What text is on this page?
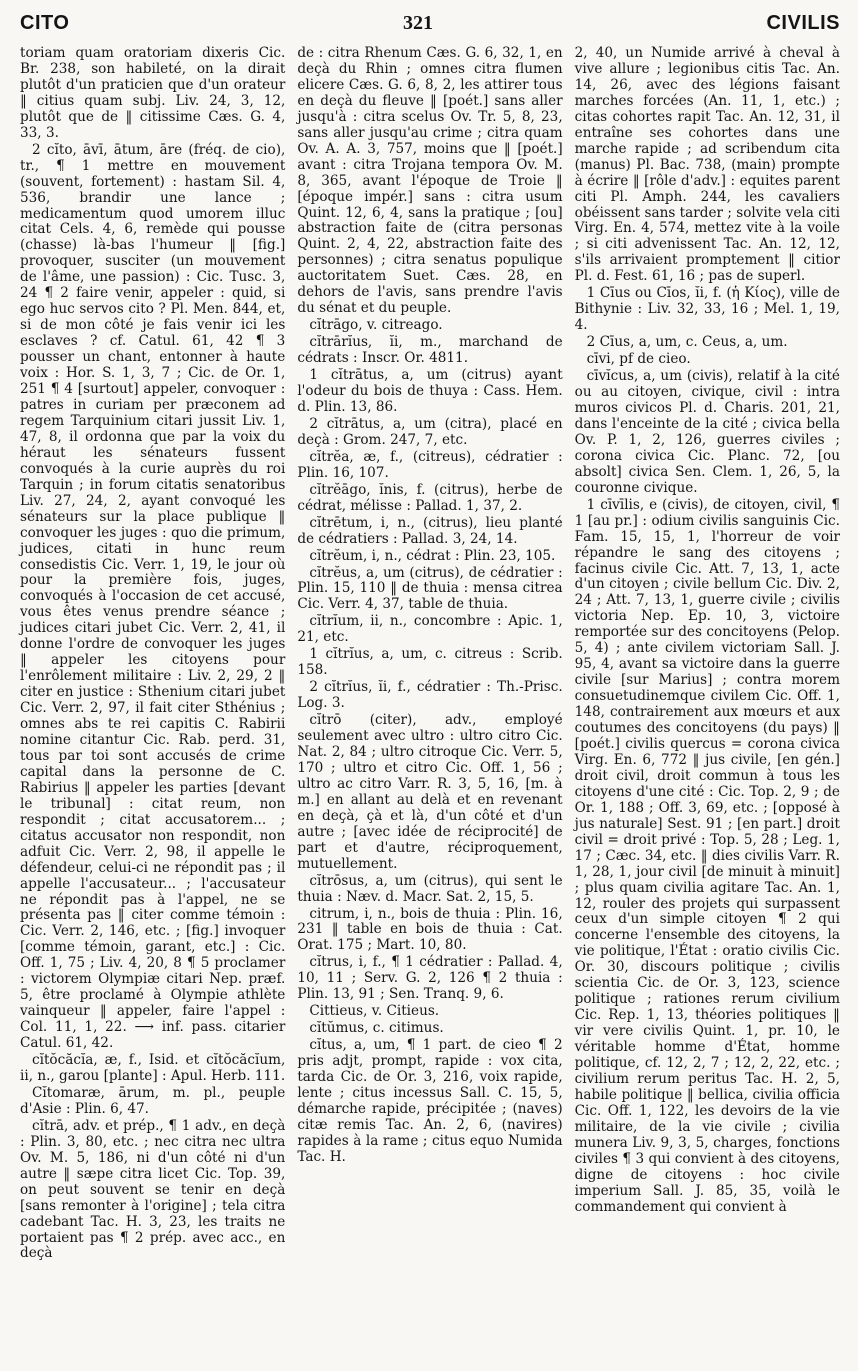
CITO	321	CIVILIS

toriam quam oratoriam dixeris Cic. Br. 238, son habileté, on la dirait plutôt d'un praticien que d'un orateur ‖ citius quam subj. Liv. 24, 3, 12, plutôt que de ‖ citissime Cæs. G. 4, 33, 3.

2 cĭto, āvī, ātum, āre (fréq. de cio), tr., ¶ 1 mettre en mouvement (souvent, fortement) : hastam Sil. 4, 536, brandir une lance ; medicamentum quod umorem illuc citat Cels. 4, 6, remède qui pousse (chasse) là-bas l'humeur ‖ [fig.] provoquer, susciter (un mouvement de l'âme, une passion) : Cic. Tusc. 3, 24 ¶ 2 faire venir, appeler : quid, si ego huc servos cito ? Pl. Men. 844, et, si de mon côté je fais venir ici les esclaves ? cf. Catul. 61, 42 ¶ 3 pousser un chant, entonner à haute voix : Hor. S. 1, 3, 7 ; Cic. de Or. 1, 251 ¶ 4 [surtout] appeler, convoquer : patres in curiam per præconem ad regem Tarquinium citari jussit Liv. 1, 47, 8, il ordonna que par la voix du héraut les sénateurs fussent convoqués à la curie auprès du roi Tarquin ; in forum citatis senatoribus Liv. 27, 24, 2, ayant convoqué les sénateurs sur la place publique ‖ convoquer les juges : quo die primum, judices, citati in hunc reum consedistis Cic. Verr. 1, 19, le jour où pour la première fois, juges, convoqués à l'occasion de cet accusé, vous êtes venus prendre séance ; judices citari jubet Cic. Verr. 2, 41, il donne l'ordre de convoquer les juges ‖ appeler les citoyens pour l'enrôlement militaire : Liv. 2, 29, 2 ‖ citer en justice : Sthenium citari jubet Cic. Verr. 2, 97, il fait citer Sthénius ; omnes abs te rei capitis C. Rabirii nomine citantur Cic. Rab. perd. 31, tous par toi sont accusés de crime capital dans la personne de C. Rabirius ‖ appeler les parties [devant le tribunal] : citat reum, non respondit ; citat accusatorem... ; citatus accusator non respondit, non adfuit Cic. Verr. 2, 98, il appelle le défendeur, celui-ci ne répondit pas ; il appelle l'accusateur... ; l'accusateur ne répondit pas à l'appel, ne se présenta pas ‖ citer comme témoin : Cic. Verr. 2, 146, etc. ; [fig.] invoquer [comme témoin, garant, etc.] : Cic. Off. 1, 75 ; Liv. 4, 20, 8 ¶ 5 proclamer : victorem Olympiæ citari Nep. præf. 5, être proclamé à Olympie athlète vainqueur ‖ appeler, faire l'appel : Col. 11, 1, 22. ⟶ inf. pass. citarier Catul. 61, 42.

cĭtŏcăcĭa, æ, f., Isid. et cĭtŏcăcĭum, ii, n., garou [plante] : Apul. Herb. 111.

Cĭtomaræ, ārum, m. pl., peuple d'Asie : Plin. 6, 47.

cĭtrā, adv. et prép., ¶ 1 adv., en deçà : Plin. 3, 80, etc. ; nec citra nec ultra Ov. M. 5, 186, ni d'un côté ni d'un autre ‖ sæpe citra licet Cic. Top. 39, on peut souvent se tenir en deçà [sans remonter à l'origine] ; tela citra cadebant Tac. H. 3, 23, les traits ne portaient pas ¶ 2 prép. avec acc., en deçà

de : citra Rhenum Cæs. G. 6, 32, 1, en deçà du Rhin ; omnes citra flumen elicere Cæs. G. 6, 8, 2, les attirer tous en deçà du fleuve ‖ [poét.] sans aller jusqu'à : citra scelus Ov. Tr. 5, 8, 23, sans aller jusqu'au crime ; citra quam Ov. A. A. 3, 757, moins que ‖ [poét.] avant : citra Trojana tempora Ov. M. 8, 365, avant l'époque de Troie ‖ [époque impér.] sans : citra usum Quint. 12, 6, 4, sans la pratique ; [ou] abstraction faite de (citra personas Quint. 2, 4, 22, abstraction faite des personnes) ; citra senatus populique auctoritatem Suet. Cæs. 28, en dehors de l'avis, sans prendre l'avis du sénat et du peuple.

cĭtrāgo, v. citreago.

cĭtrārĭus, ĭi, m., marchand de cédrats : Inscr. Or. 4811.

1 cĭtrātus, a, um (citrus) ayant l'odeur du bois de thuya : Cass. Hem. d. Plin. 13, 86.

2 cĭtrātus, a, um (citra), placé en deçà : Grom. 247, 7, etc.

cĭtrĕa, æ, f., (citreus), cédratier : Plin. 16, 107.

cĭtrĕāgo, ĭnis, f. (citrus), herbe de cédrat, mélisse : Pallad. 1, 37, 2.

cĭtrētum, i, n., (citrus), lieu planté de cédratiers : Pallad. 3, 24, 14.

cĭtrĕum, i, n., cédrat : Plin. 23, 105.

cĭtrĕus, a, um (citrus), de cédratier : Plin. 15, 110 ‖ de thuia : mensa citrea Cic. Verr. 4, 37, table de thuia.

cĭtrĭum, ii, n., concombre : Apic. 1, 21, etc.

1 cĭtrĭus, a, um, c. citreus : Scrib. 158.

2 cĭtrĭus, ĭi, f., cédratier : Th.-Prisc. Log. 3.

cĭtrō (citer), adv., employé seulement avec ultro : ultro citro Cic. Nat. 2, 84 ; ultro citroque Cic. Verr. 5, 170 ; ultro et citro Cic. Off. 1, 56 ; ultro ac citro Varr. R. 3, 5, 16, [m. à m.] en allant au delà et en revenant en deçà, çà et là, d'un côté et d'un autre ; [avec idée de réciprocité] de part et d'autre, réciproquement, mutuellement.

cĭtrōsus, a, um (citrus), qui sent le thuia : Næv. d. Macr. Sat. 2, 15, 5.

citrum, i, n., bois de thuia : Plin. 16, 231 ‖ table en bois de thuia : Cat. Orat. 175 ; Mart. 10, 80.

cĭtrus, i, f., ¶ 1 cédratier : Pallad. 4, 10, 11 ; Serv. G. 2, 126 ¶ 2 thuia : Plin. 13, 91 ; Sen. Tranq. 9, 6.

Cittieus, v. Citieus.

cĭtŭmus, c. citimus.

cĭtus, a, um, ¶ 1 part. de cieo ¶ 2 pris adjt, prompt, rapide : vox cita, tarda Cic. de Or. 3, 216, voix rapide, lente ; citus incessus Sall. C. 15, 5, démarche rapide, précipitée ; (naves) citæ remis Tac. An. 2, 6, (navires) rapides à la rame ; citus equo Numida Tac. H.

2, 40, un Numide arrivé à cheval à vive allure ; legionibus citis Tac. An. 14, 26, avec des légions faisant marches forcées (An. 11, 1, etc.) ; citas cohortes rapit Tac. An. 12, 31, il entraîne ses cohortes dans une marche rapide ; ad scribendum cita (manus) Pl. Bac. 738, (main) prompte à écrire ‖ [rôle d'adv.] : equites parent citi Pl. Amph. 244, les cavaliers obéissent sans tarder ; solvite vela citi Virg. En. 4, 574, mettez vite à la voile ; si citi advenissent Tac. An. 12, 12, s'ils arrivaient promptement ‖ citior Pl. d. Fest. 61, 16 ; pas de superl.

1 Cīus ou Cīos, ĭi, f. (ἡ Κίος), ville de Bithynie : Liv. 32, 33, 16 ; Mel. 1, 19, 4.

2 Cīus, a, um, c. Ceus, a, um.

cīvi, pf de cieo.

cīvĭcus, a, um (civis), relatif à la cité ou au citoyen, civique, civil : intra muros civicos Pl. d. Charis. 201, 21, dans l'enceinte de la cité ; civica bella Ov. P. 1, 2, 126, guerres civiles ; corona civica Cic. Planc. 72, [ou absolt] civica Sen. Clem. 1, 26, 5, la couronne civique.

1 cīvīlis, e (civis), de citoyen, civil, ¶ 1 [au pr.] : odium civilis sanguinis Cic. Fam. 15, 15, 1, l'horreur de voir répandre le sang des citoyens ; facinus civile Cic. Att. 7, 13, 1, acte d'un citoyen ; civile bellum Cic. Div. 2, 24 ; Att. 7, 13, 1, guerre civile ; civilis victoria Nep. Ep. 10, 3, victoire remportée sur des concitoyens (Pelop. 5, 4) ; ante civilem victoriam Sall. J. 95, 4, avant sa victoire dans la guerre civile [sur Marius] ; contra morem consuetudinemque civilem Cic. Off. 1, 148, contrairement aux mœurs et aux coutumes des concitoyens (du pays) ‖ [poét.] civilis quercus = corona civica Virg. En. 6, 772 ‖ jus civile, [en gén.] droit civil, droit commun à tous les citoyens d'une cité : Cic. Top. 2, 9 ; de Or. 1, 188 ; Off. 3, 69, etc. ; [opposé à jus naturale] Sest. 91 ; [en part.] droit civil = droit privé : Top. 5, 28 ; Leg. 1, 17 ; Cæc. 34, etc. ‖ dies civilis Varr. R. 1, 28, 1, jour civil [de minuit à minuit] ; plus quam civilia agitare Tac. An. 1, 12, rouler des projets qui surpassent ceux d'un simple citoyen ¶ 2 qui concerne l'ensemble des citoyens, la vie politique, l'État : oratio civilis Cic. Or. 30, discours politique ; civilis scientia Cic. de Or. 3, 123, science politique ; rationes rerum civilium Cic. Rep. 1, 13, théories politiques ‖ vir vere civilis Quint. 1, pr. 10, le véritable homme d'État, homme politique, cf. 12, 2, 7 ; 12, 2, 22, etc. ; civilium rerum peritus Tac. H. 2, 5, habile politique ‖ bellica, civilia officia Cic. Off. 1, 122, les devoirs de la vie militaire, de la vie civile ; civilia munera Liv. 9, 3, 5, charges, fonctions civiles ¶ 3 qui convient à des citoyens, digne de citoyens : hoc civile imperium Sall. J. 85, 35, voilà le commandement qui convient à
